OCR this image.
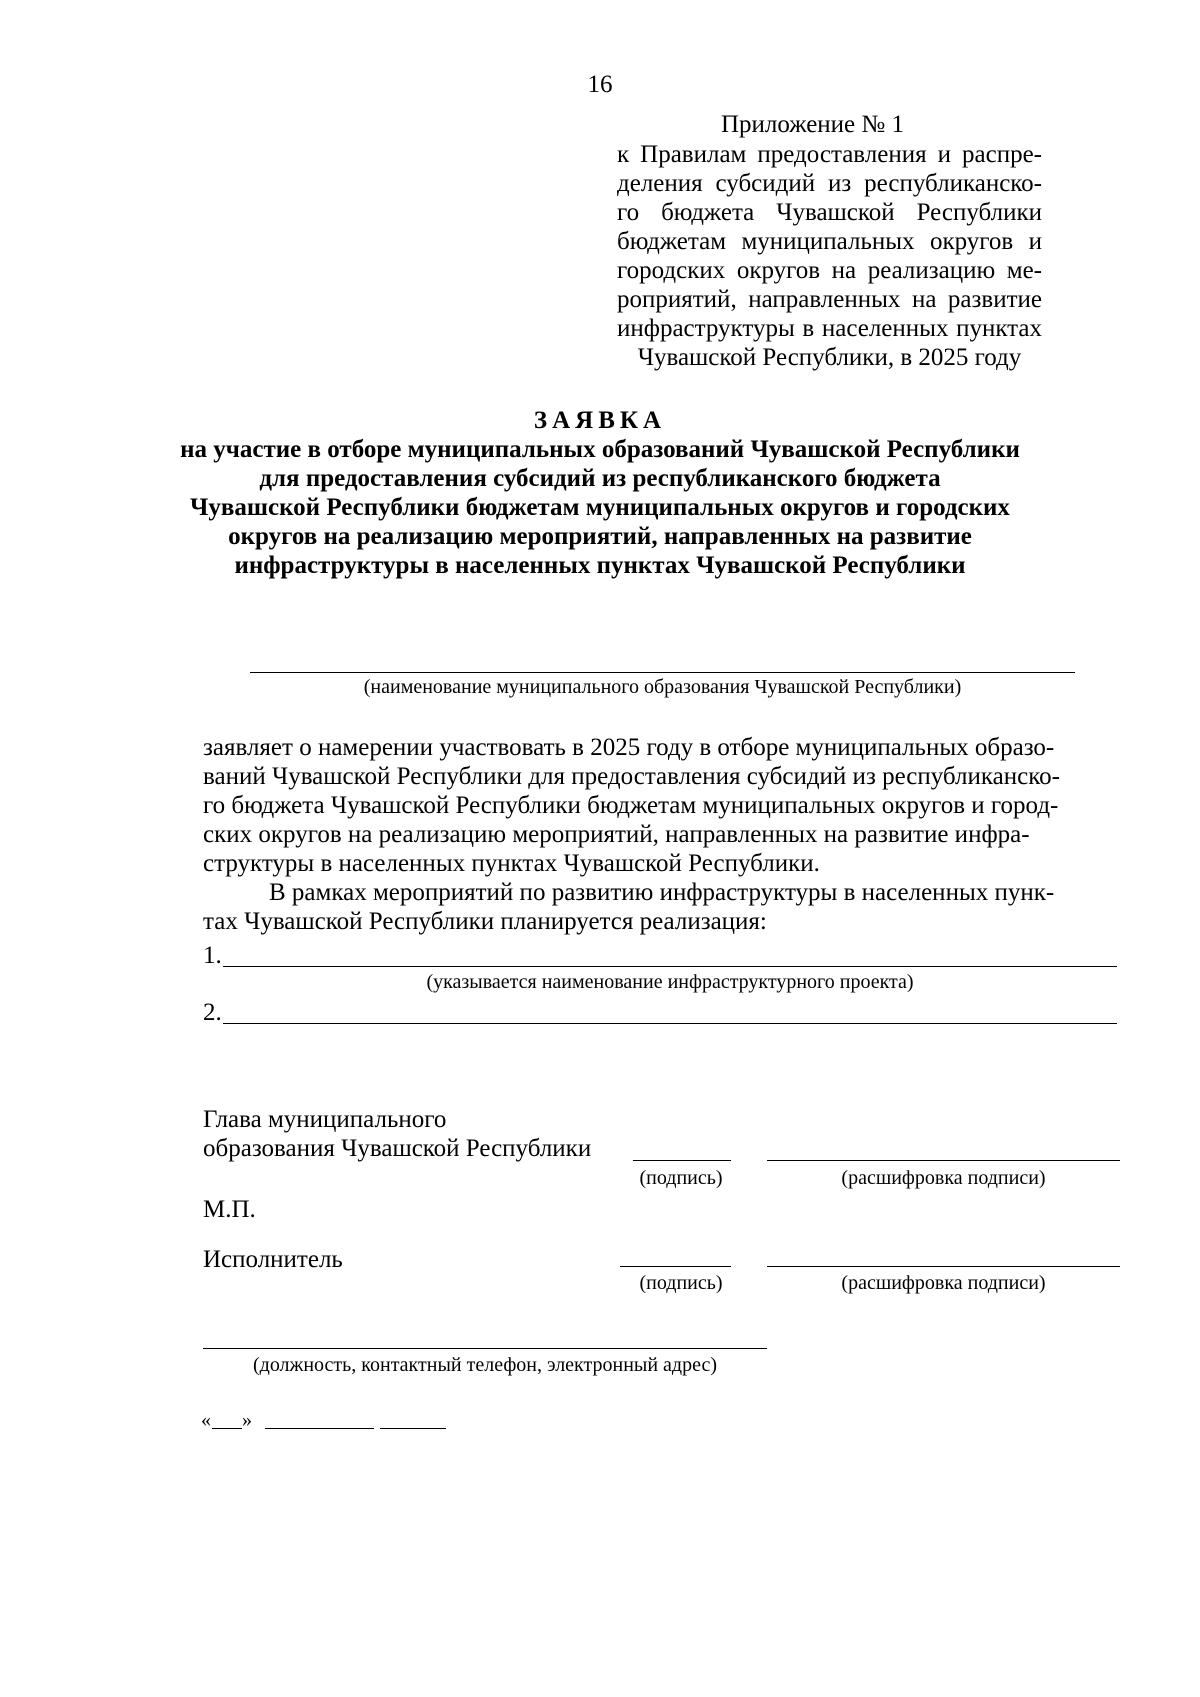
16
Приложение № 1
к Правилам предоставления и распре-
деления субсидий из республиканско-
го бюджета Чувашской Республики
бюджетам муниципальных округов и
городских округов на реализацию ме-
роприятий, направленных на развитие
инфраструктуры в населенных пунктах
Чувашской Республики, в 2025 году
ЗАЯВКА
на участие в отборе муниципальных образований Чувашской Республики
для предоставления субсидий из республиканского бюджета
Чувашской Республики бюджетам муниципальных округов и городских
округов на реализацию мероприятий, направленных на развитие
инфраструктуры в населенных пунктах Чувашской Республики
(наименование муниципального образования Чувашской Республики)
заявляет о намерении участвовать в 2025 году в отборе муниципальных образо-
ваний Чувашской Республики для предоставления субсидий из республиканско-
го бюджета Чувашской Республики бюджетам муниципальных округов и город-
ских округов на реализацию мероприятий, направленных на развитие инфра-
структуры в населенных пунктах Чувашской Республики.
В рамках мероприятий по развитию инфраструктуры в населенных пунк-
тах Чувашской Республики планируется реализация:
1.
(указывается наименование инфраструктурного проекта)
2.
Глава муниципального
образования Чувашской Республики
(подпись)	(расшифровка подписи)
М.П.
Исполнитель
(подпись)	(расшифровка подписи)
(должность, контактный телефон, электронный адрес)
« »
